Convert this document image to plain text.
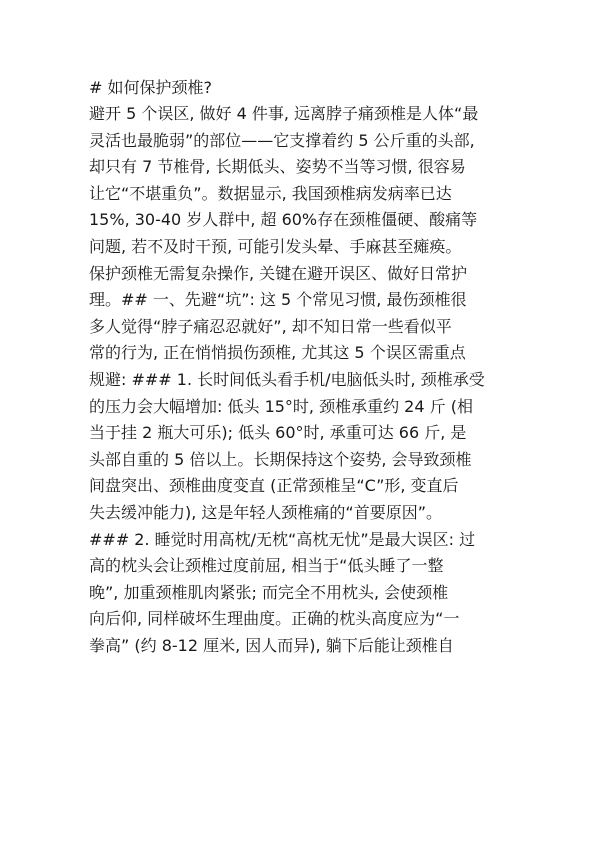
# 如何保护颈椎?
避开 5 个误区, 做好 4 件事, 远离脖子痛颈椎是人体“最
灵活也最脆弱”的部位——它支撑着约 5 公斤重的头部,
却只有 7 节椎骨, 长期低头、姿势不当等习惯, 很容易
让它“不堪重负”。数据显示, 我国颈椎病发病率已达
15%, 30-40 岁人群中, 超 60%存在颈椎僵硬、酸痛等
问题, 若不及时干预, 可能引发头晕、手麻甚至瘫痪。
保护颈椎无需复杂操作, 关键在避开误区、做好日常护
理。## 一、先避“坑”: 这 5 个常见习惯, 最伤颈椎很
多人觉得“脖子痛忍忍就好”, 却不知日常一些看似平
常的行为, 正在悄悄损伤颈椎, 尤其这 5 个误区需重点
规避: ### 1. 长时间低头看手机/电脑低头时, 颈椎承受
的压力会大幅增加: 低头 15°时, 颈椎承重约 24 斤 (相
当于挂 2 瓶大可乐); 低头 60°时, 承重可达 66 斤, 是
头部自重的 5 倍以上。长期保持这个姿势, 会导致颈椎
间盘突出、颈椎曲度变直 (正常颈椎呈“C”形, 变直后
失去缓冲能力), 这是年轻人颈椎痛的“首要原因”。
### 2. 睡觉时用高枕/无枕“高枕无忧”是最大误区: 过
高的枕头会让颈椎过度前屈, 相当于“低头睡了一整
晚”, 加重颈椎肌肉紧张; 而完全不用枕头, 会使颈椎
向后仰, 同样破坏生理曲度。正确的枕头高度应为“一
拳高” (约 8-12 厘米, 因人而异), 躺下后能让颈椎自
